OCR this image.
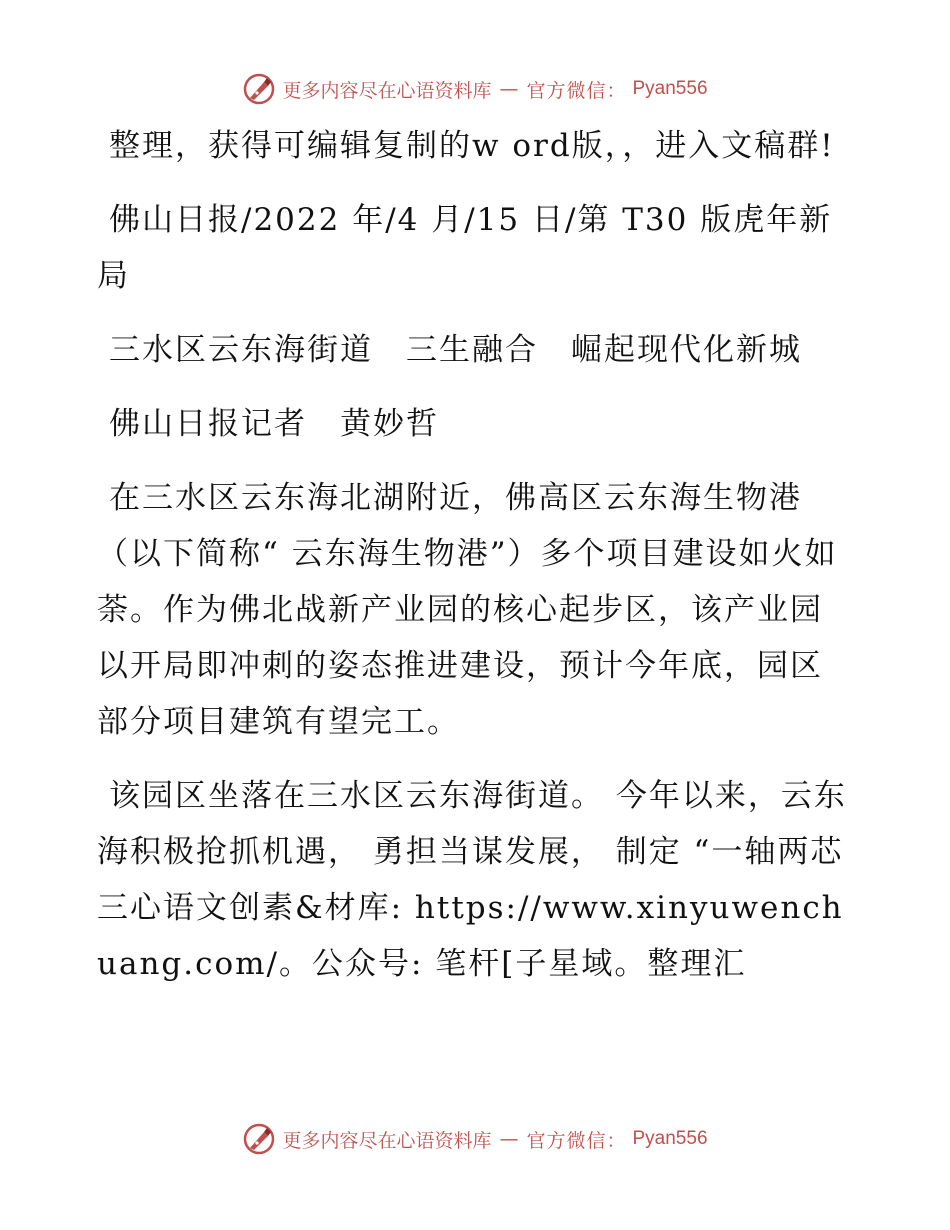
更多内容尽在心语资料库 — 官方微信： Pyan556

整理，获得可编辑复制的w ord版，，进入文稿群!

佛山日报/2022 年/4 月/15 日/第 T30 版虎年新局

三水区云东海街道　三生融合　崛起现代化新城

佛山日报记者　黄妙哲

在三水区云东海北湖附近，佛高区云东海生物港（以下简称“ 云东海生物港”）多个项目建设如火如荼。作为佛北战新产业园的核心起步区，该产业园以开局即冲刺的姿态推进建设，预计今年底，园区部分项目建筑有望完工。

该园区坐落在三水区云东海街道。 今年以来，云东海积极抢抓机遇， 勇担当谋发展， 制定 “一轴两芯三心语文创素&材库: https://www.xinyuwenchuang.com/。公众号: 笔杆[子星域。整理汇

更多内容尽在心语资料库 — 官方微信： Pyan556
